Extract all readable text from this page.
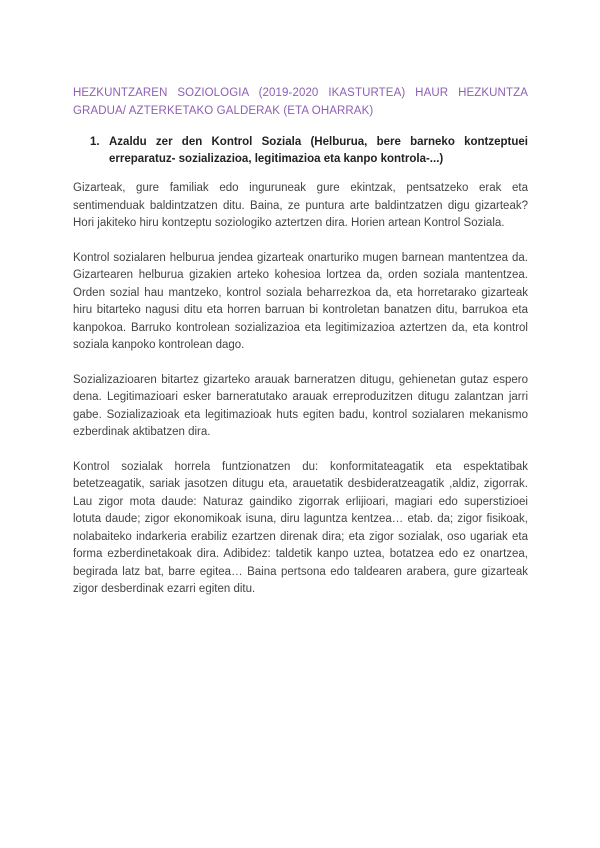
HEZKUNTZAREN SOZIOLOGIA (2019-2020 IKASTURTEA) HAUR HEZKUNTZA GRADUA/ AZTERKETAKO GALDERAK (ETA OHARRAK)
1. Azaldu zer den Kontrol Soziala (Helburua, bere barneko kontzeptuei erreparatuz- sozializazioa, legitimazioa eta kanpo kontrola-...)

Gizarteak, gure familiak edo inguruneak gure ekintzak, pentsatzeko erak eta sentimenduak baldintzatzen ditu. Baina, ze puntura arte baldintzatzen digu gizarteak? Hori jakiteko hiru kontzeptu soziologiko aztertzen dira. Horien artean Kontrol Soziala.

Kontrol sozialaren helburua jendea gizarteak onarturiko mugen barnean mantentzea da. Gizartearen helburua gizakien arteko kohesioa lortzea da, orden soziala mantentzea. Orden sozial hau mantzeko, kontrol soziala beharrezkoa da, eta horretarako gizarteak hiru bitarteko nagusi ditu eta horren barruan bi kontroletan banatzen ditu, barrukoa eta kanpokoa. Barruko kontrolean sozializazioa eta legitimizazioa aztertzen da, eta kontrol soziala kanpoko kontrolean dago.

Sozializazioaren bitartez gizarteko arauak barneratzen ditugu, gehienetan gutaz espero dena. Legitimazioari esker barneratutako arauak erreproduzitzen ditugu zalantzan jarri gabe. Sozializazioak eta legitimazioak huts egiten badu, kontrol sozialaren mekanismo ezberdinak aktibatzen dira.

Kontrol sozialak horrela funtzionatzen du: konformitateagatik eta espektatibak betetzeagatik, sariak jasotzen ditugu eta, arauetatik desbideratzeagatik ,aldiz, zigorrak. Lau zigor mota daude: Naturaz gaindiko zigorrak erlijioari, magiari edo superstizioei lotuta daude; zigor ekonomikoak isuna, diru laguntza kentzea… etab. da; zigor fisikoak, nolabaiteko indarkeria erabiliz ezartzen direnak dira; eta zigor sozialak, oso ugariak eta forma ezberdinetakoak dira. Adibidez: taldetik kanpo uztea, botatzea edo ez onartzea, begirada latz bat, barre egitea… Baina pertsona edo taldearen arabera, gure gizarteak zigor desberdinak ezarri egiten ditu.
